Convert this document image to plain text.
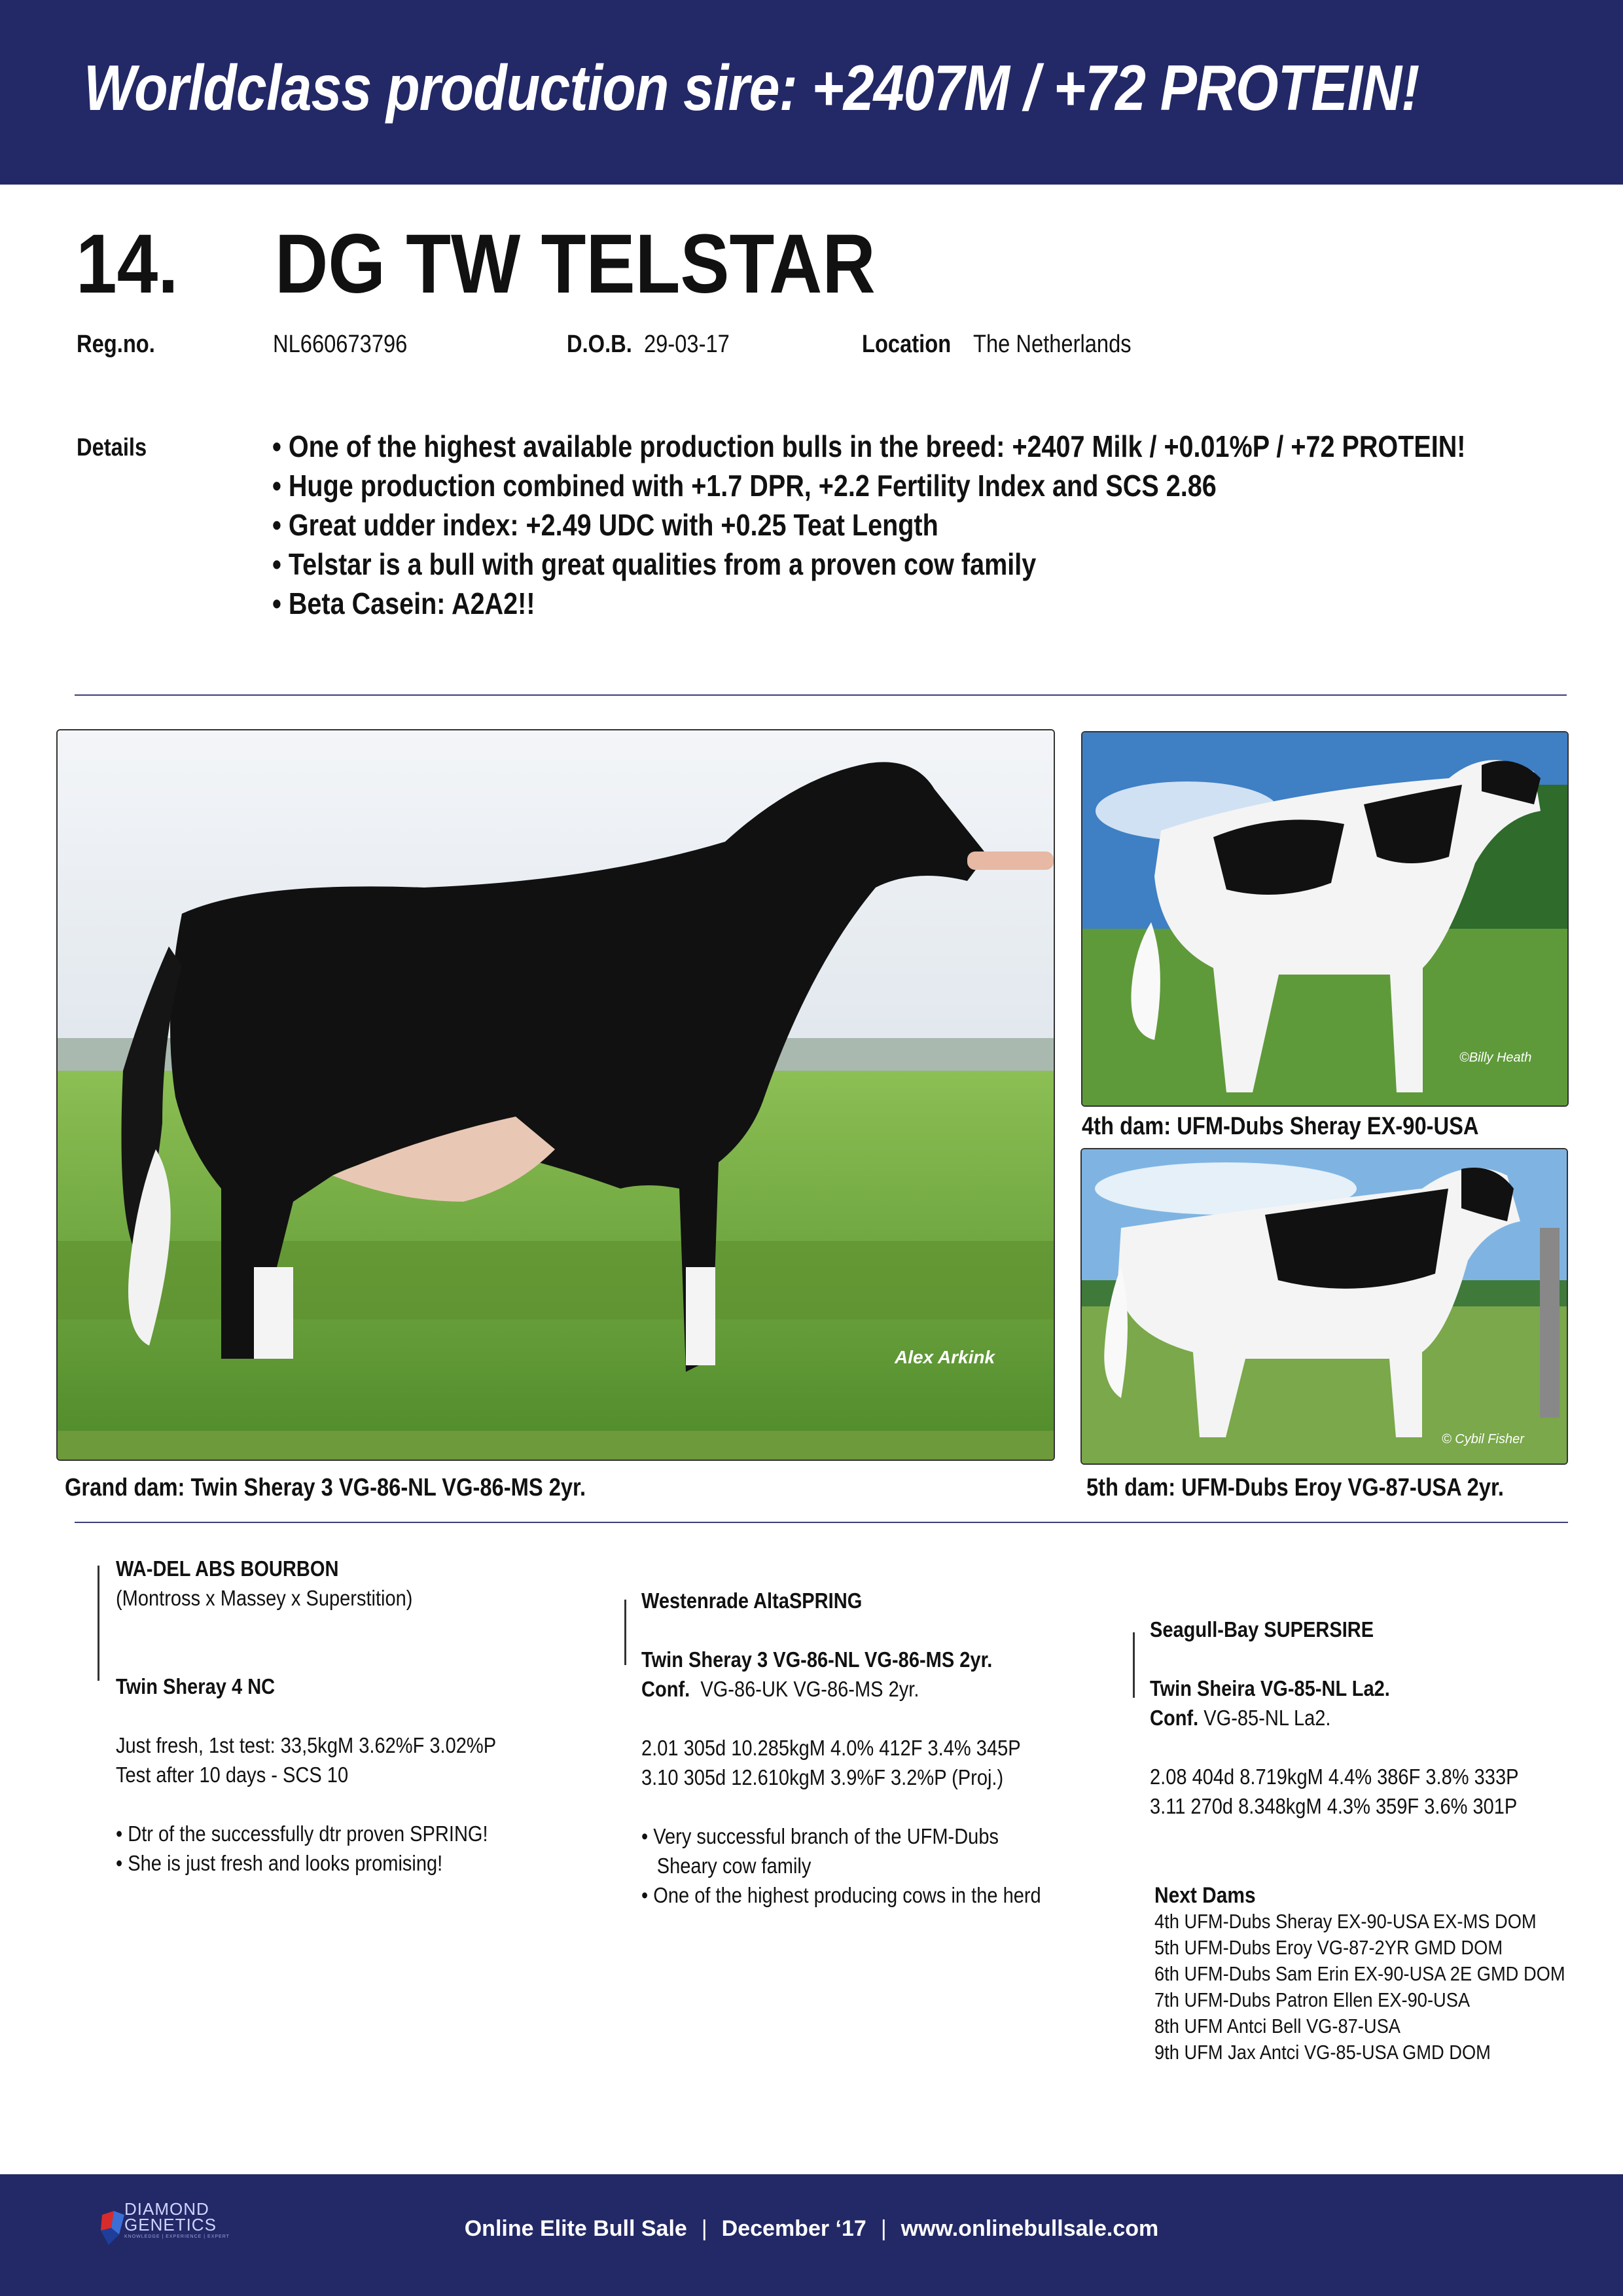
Worldclass production sire: +2407M / +72 PROTEIN!
14. DG TW TELSTAR
Reg.no.	NL660673796	D.O.B. 29-03-17	Location The Netherlands
Details
•	One of the highest available production bulls in the breed: +2407 Milk / +0.01%P / +72 PROTEIN!
• Huge production combined with +1.7 DPR, +2.2 Fertility Index and SCS 2.86
• Great udder index: +2.49 UDC with +0.25 Teat Length
• Telstar is a bull with great qualities from a proven cow family
• Beta Casein: A2A2!!
Alex Arkink
Grand dam: Twin Sheray 3 VG-86-NL VG-86-MS 2yr.
©Billy Heath
4th dam: UFM-Dubs Sheray EX-90-USA
© Cybil Fisher
5th dam: UFM-Dubs Eroy VG-87-USA 2yr.

WA-DEL ABS BOURBON

(Montross x Massey x Superstition)

Twin Sheray 4 NC

Just fresh, 1st test: 33,5kgM 3.62%F 3.02%P

Test after 10 days - SCS 10

• Dtr of the successfully dtr proven SPRING!

• She is just fresh and looks promising!

Westenrade AltaSPRING

Twin Sheray 3 VG-86-NL VG-86-MS 2yr.

Conf. VG-86-UK VG-86-MS 2yr.

2.01 305d 10.285kgM 4.0% 412F 3.4% 345P

3.10 305d 12.610kgM 3.9%F 3.2%P (Proj.)

• Very successful branch of the UFM-Dubs

Sheary cow family

• One of the highest producing cows in the herd

Seagull-Bay SUPERSIRE

Twin Sheira VG-85-NL La2.

Conf. VG-85-NL La2.

2.08 404d 8.719kgM 4.4% 386F 3.8% 333P

3.11 270d 8.348kgM 4.3% 359F 3.6% 301P

Next Dams

4th UFM-Dubs Sheray EX-90-USA EX-MS DOM

5th UFM-Dubs Eroy VG-87-2YR GMD DOM

6th UFM-Dubs Sam Erin EX-90-USA 2E GMD DOM

7th UFM-Dubs Patron Ellen EX-90-USA

8th UFM Antci Bell VG-87-USA

9th UFM Jax Antci VG-85-USA GMD DOM

DIAMOND
GENETICS
KNOWLEDGE | EXPERIENCE | EXPERT	Online Elite Bull Sale | December ‘17 | www.onlinebullsale.com
